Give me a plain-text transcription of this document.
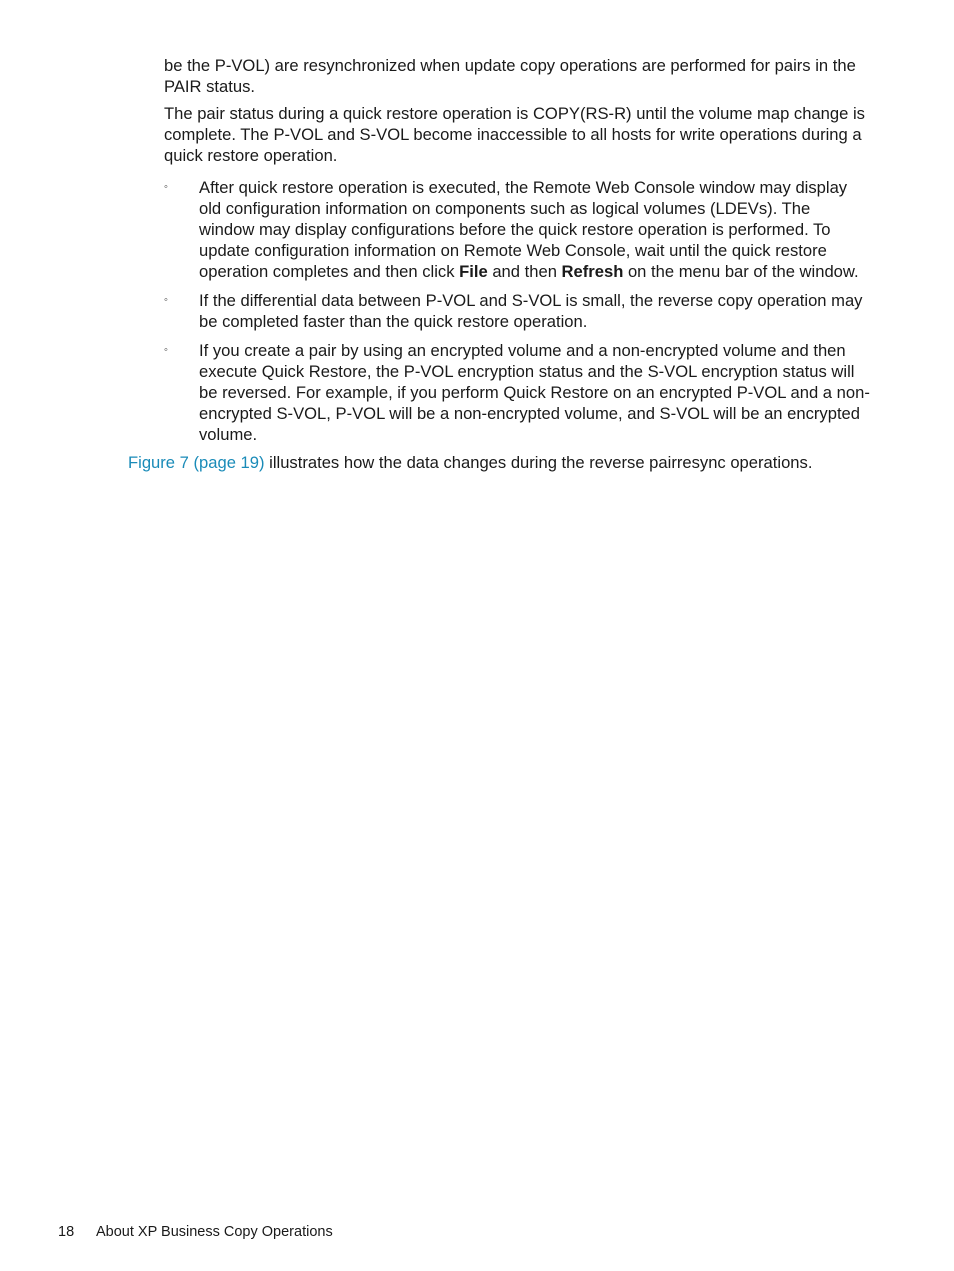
be the P-VOL) are resynchronized when update copy operations are performed for pairs in the PAIR status.

The pair status during a quick restore operation is COPY(RS-R) until the volume map change is complete. The P-VOL and S-VOL become inaccessible to all hosts for write operations during a quick restore operation.

◦ After quick restore operation is executed, the Remote Web Console window may display old configuration information on components such as logical volumes (LDEVs). The window may display configurations before the quick restore operation is performed. To update configuration information on Remote Web Console, wait until the quick restore operation completes and then click File and then Refresh on the menu bar of the window.
◦ If the differential data between P-VOL and S-VOL is small, the reverse copy operation may be completed faster than the quick restore operation.
◦ If you create a pair by using an encrypted volume and a non-encrypted volume and then execute Quick Restore, the P-VOL encryption status and the S-VOL encryption status will be reversed. For example, if you perform Quick Restore on an encrypted P-VOL and a non-encrypted S-VOL, P-VOL will be a non-encrypted volume, and S-VOL will be an encrypted volume.

Figure 7 (page 19) illustrates how the data changes during the reverse pairresync operations.

18 About XP Business Copy Operations
